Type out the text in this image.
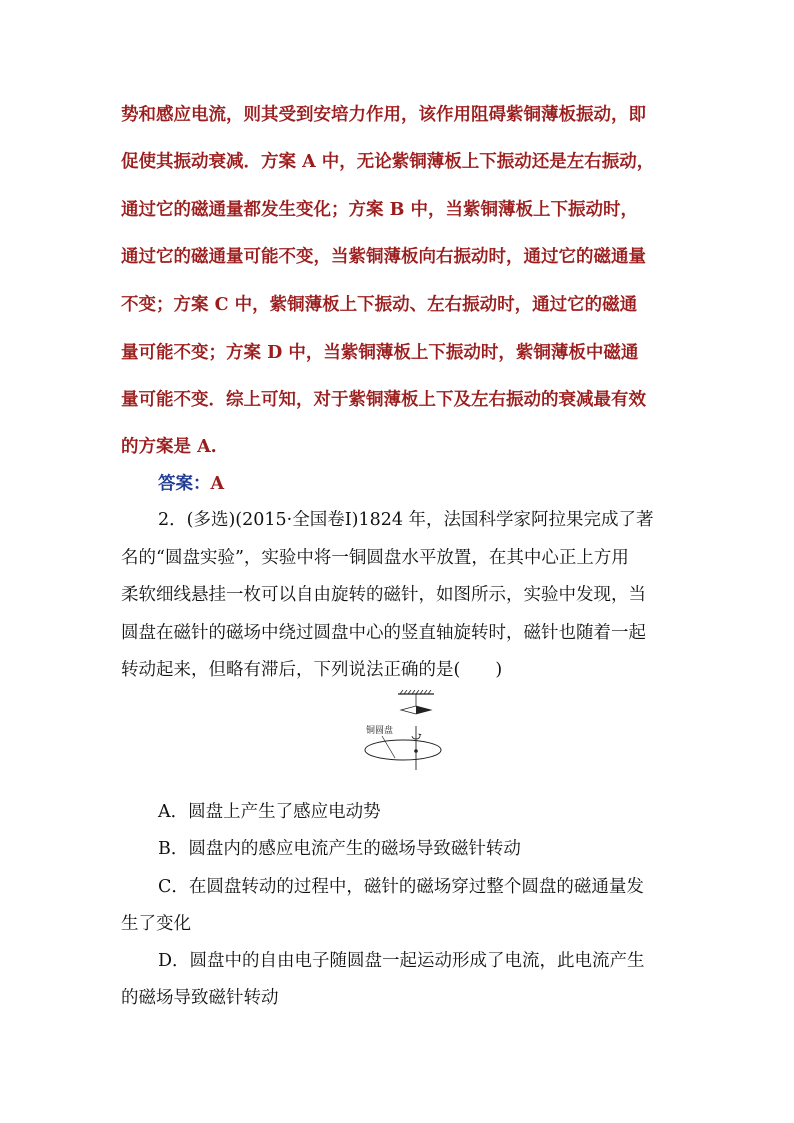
势和感应电流，则其受到安培力作用，该作用阻碍紫铜薄板振动，即
促使其振动衰减．方案 A 中，无论紫铜薄板上下振动还是左右振动，
通过它的磁通量都发生变化；方案 B 中，当紫铜薄板上下振动时，
通过它的磁通量可能不变，当紫铜薄板向右振动时，通过它的磁通量
不变；方案 C 中，紫铜薄板上下振动、左右振动时，通过它的磁通
量可能不变；方案 D 中，当紫铜薄板上下振动时，紫铜薄板中磁通
量可能不变．综上可知，对于紫铜薄板上下及左右振动的衰减最有效
的方案是 A.
答案：A
2．(多选)(2015·全国卷Ⅰ)1824 年，法国科学家阿拉果完成了著
名的“圆盘实验”，实验中将一铜圆盘水平放置，在其中心正上方用
柔软细线悬挂一枚可以自由旋转的磁针，如图所示，实验中发现，当
圆盘在磁针的磁场中绕过圆盘中心的竖直轴旋转时，磁针也随着一起
转动起来，但略有滞后，下列说法正确的是(　　)
铜圆盘
A．圆盘上产生了感应电动势
B．圆盘内的感应电流产生的磁场导致磁针转动
C．在圆盘转动的过程中，磁针的磁场穿过整个圆盘的磁通量发
生了变化
D．圆盘中的自由电子随圆盘一起运动形成了电流，此电流产生
的磁场导致磁针转动
